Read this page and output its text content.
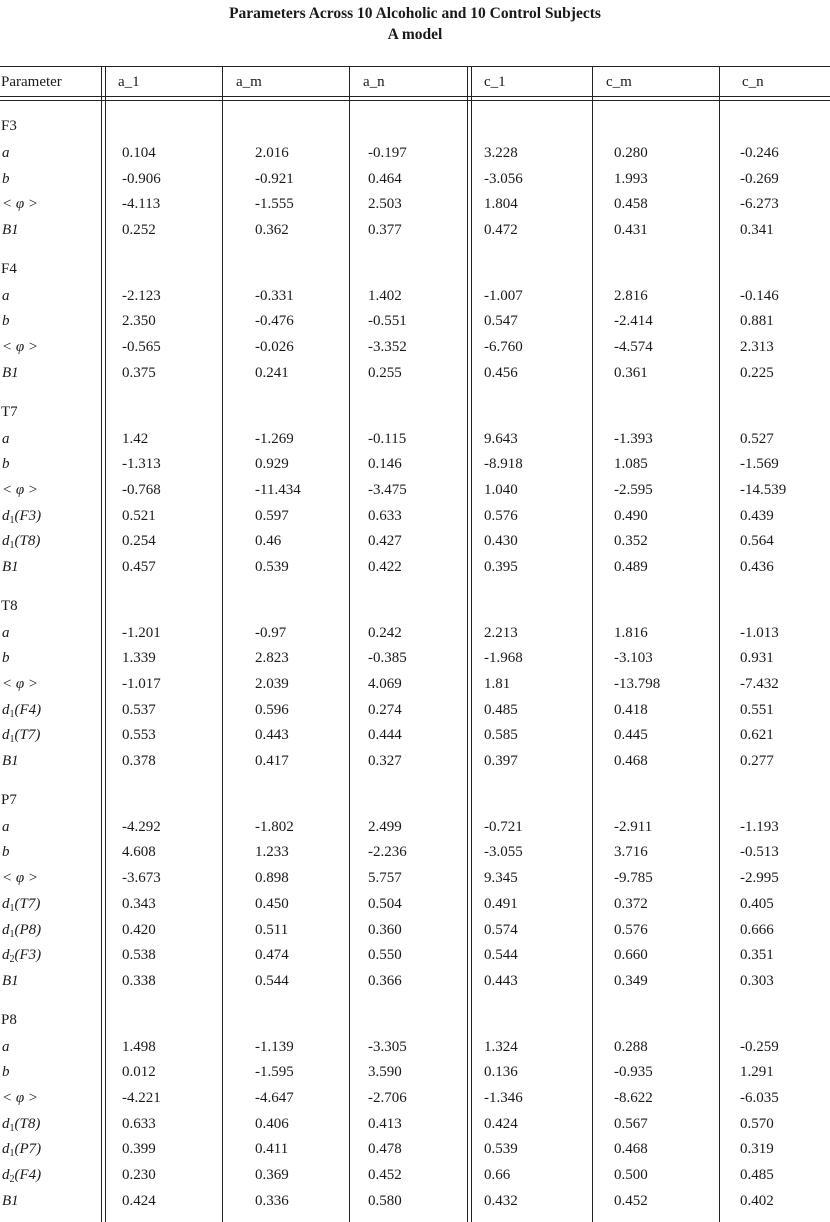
Parameters Across 10 Alcoholic and 10 Control Subjects
A model
Parameter	a_1	a_m	a_n	c_1	c_m	c_n
F3
a	0.104	2.016	-0.197	3.228	0.280	-0.246
b	-0.906	-0.921	0.464	-3.056	1.993	-0.269
< φ >	-4.113	-1.555	2.503	1.804	0.458	-6.273
B1	0.252	0.362	0.377	0.472	0.431	0.341
F4
a	-2.123	-0.331	1.402	-1.007	2.816	-0.146
b	2.350	-0.476	-0.551	0.547	-2.414	0.881
< φ >	-0.565	-0.026	-3.352	-6.760	-4.574	2.313
B1	0.375	0.241	0.255	0.456	0.361	0.225
T7
a	1.42	-1.269	-0.115	9.643	-1.393	0.527
b	-1.313	0.929	0.146	-8.918	1.085	-1.569
< φ >	-0.768	-11.434	-3.475	1.040	-2.595	-14.539
$d_1(F3)$	0.521	0.597	0.633	0.576	0.490	0.439
$d_1(T8)$	0.254	0.46	0.427	0.430	0.352	0.564
B1	0.457	0.539	0.422	0.395	0.489	0.436
T8
a	-1.201	-0.97	0.242	2.213	1.816	-1.013
b	1.339	2.823	-0.385	-1.968	-3.103	0.931
< φ >	-1.017	2.039	4.069	1.81	-13.798	-7.432
$d_1(F4)$	0.537	0.596	0.274	0.485	0.418	0.551
$d_1(T7)$	0.553	0.443	0.444	0.585	0.445	0.621
B1	0.378	0.417	0.327	0.397	0.468	0.277
P7
a	-4.292	-1.802	2.499	-0.721	-2.911	-1.193
b	4.608	1.233	-2.236	-3.055	3.716	-0.513
< φ >	-3.673	0.898	5.757	9.345	-9.785	-2.995
$d_1(T7)$	0.343	0.450	0.504	0.491	0.372	0.405
$d_1(P8)$	0.420	0.511	0.360	0.574	0.576	0.666
$d_2(F3)$	0.538	0.474	0.550	0.544	0.660	0.351
B1	0.338	0.544	0.366	0.443	0.349	0.303
P8
a	1.498	-1.139	-3.305	1.324	0.288	-0.259
b	0.012	-1.595	3.590	0.136	-0.935	1.291
< φ >	-4.221	-4.647	-2.706	-1.346	-8.622	-6.035
$d_1(T8)$	0.633	0.406	0.413	0.424	0.567	0.570
$d_1(P7)$	0.399	0.411	0.478	0.539	0.468	0.319
$d_2(F4)$	0.230	0.369	0.452	0.66	0.500	0.485
B1	0.424	0.336	0.580	0.432	0.452	0.402
